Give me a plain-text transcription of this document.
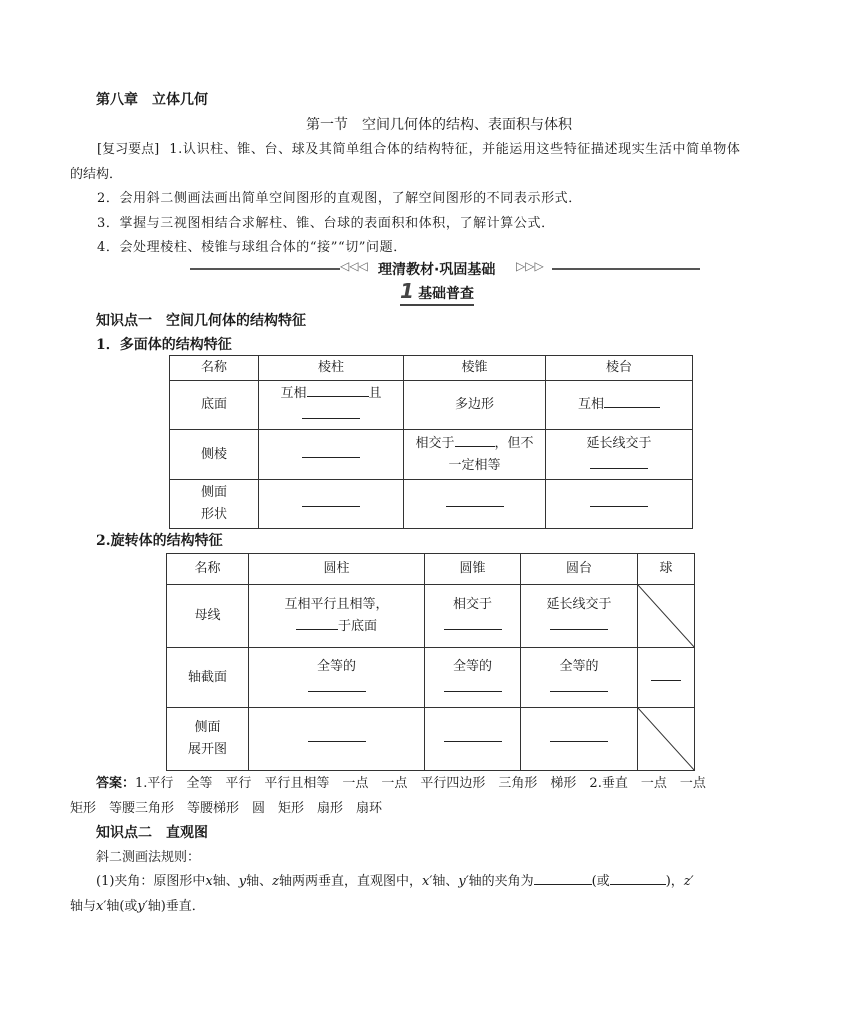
第八章　立体几何
第一节　空间几何体的结构、表面积与体积
[复习要点] 1.认识柱、锥、台、球及其简单组合体的结构特征，并能运用这些特征描述现实生活中简单物体
的结构．
2．会用斜二侧画法画出简单空间图形的直观图，了解空间图形的不同表示形式．
3．掌握与三视图相结合求解柱、锥、台球的表面积和体积，了解计算公式．
4．会处理棱柱、棱锥与球组合体的“接”“切”问题．
◁◁◁ 理清教材·巩固基础 ▷▷▷
1 基础普查
知识点一　空间几何体的结构特征
1．多面体的结构特征
名称	棱柱	棱锥	棱台
底面	互相 且	多边形	互相
侧棱		相交于 ，但不
一定相等	延长线交于

侧面
形状			

2.旋转体的结构特征
名称	圆柱	圆锥	圆台	球
母线	互相平行且相等，
于底面	相交于	延长线交于

轴截面	全等的	全等的	全等的	

侧面
展开图

答案：1.平行　全等　平行　平行且相等　一点　一点　平行四边形　三角形　梯形　2.垂直　一点　一点
矩形　等腰三角形　等腰梯形　圆　矩形　扇形　扇环
知识点二　直观图
斜二测画法规则：
(1)夹角：原图形中x轴、y轴、z轴两两垂直，直观图中，x′轴、y′轴的夹角为	(或	)，z′
轴与x′轴(或y′轴)垂直．
